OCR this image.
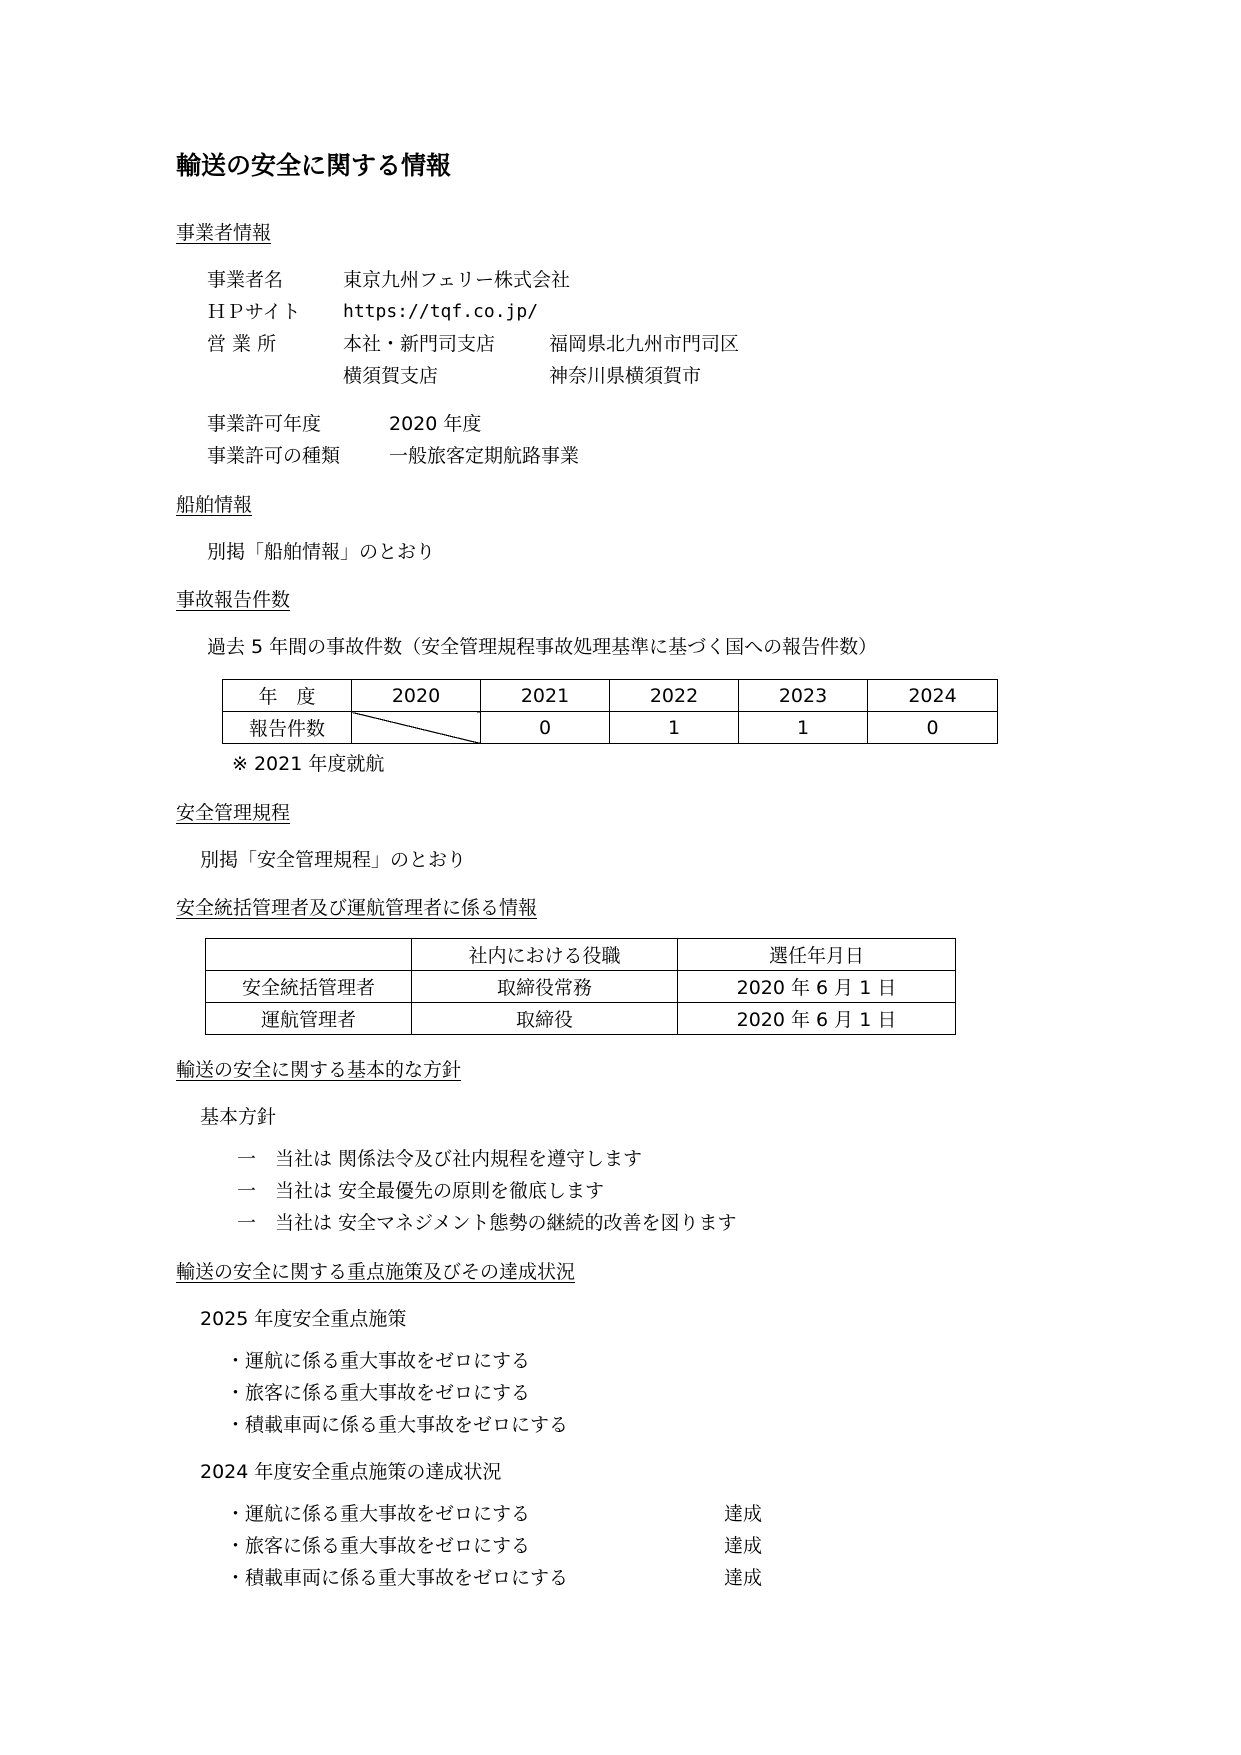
輸送の安全に関する情報
事業者情報
事業者名	東京九州フェリー株式会社
ＨＰサイト https://tqf.co.jp/
営 業 所	本社・新門司支店	福岡県北九州市門司区
横須賀支店	神奈川県横須賀市
事業許可年度	2020 年度
事業許可の種類	一般旅客定期航路事業
船舶情報
別掲「船舶情報」のとおり
事故報告件数
過去 5 年間の事故件数（安全管理規程事故処理基準に基づく国への報告件数）
年　度	2020	2021	2022	2023	2024
報告件数		0	1	1	0
※ 2021 年度就航
安全管理規程
別掲「安全管理規程」のとおり
安全統括管理者及び運航管理者に係る情報
	社内における役職	選任年月日
安全統括管理者	取締役常務	2020 年 6 月 1 日
運航管理者	取締役	2020 年 6 月 1 日
輸送の安全に関する基本的な方針
基本方針
一　当社は 関係法令及び社内規程を遵守します
一　当社は 安全最優先の原則を徹底します
一　当社は 安全マネジメント態勢の継続的改善を図ります
輸送の安全に関する重点施策及びその達成状況
2025 年度安全重点施策
・運航に係る重大事故をゼロにする
・旅客に係る重大事故をゼロにする
・積載車両に係る重大事故をゼロにする
2024 年度安全重点施策の達成状況
・運航に係る重大事故をゼロにする	達成
・旅客に係る重大事故をゼロにする	達成
・積載車両に係る重大事故をゼロにする	達成
